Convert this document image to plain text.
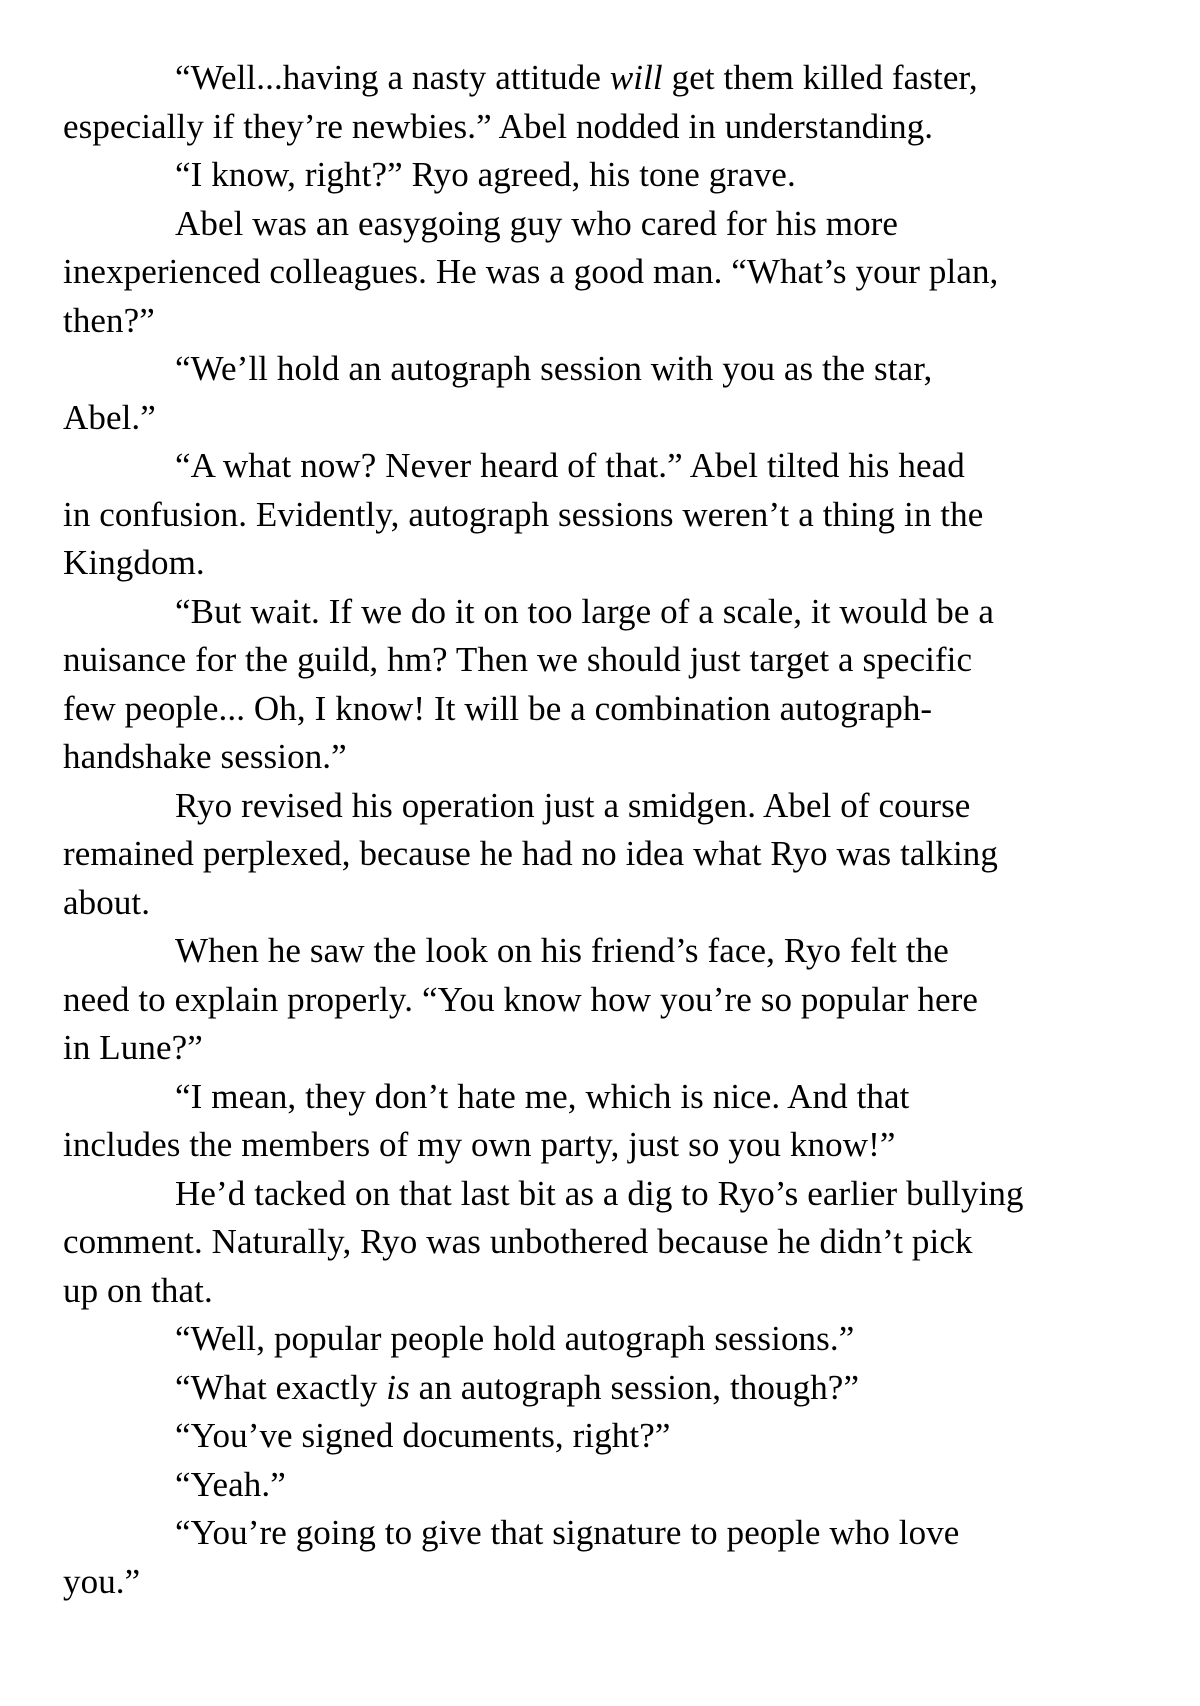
“Well...having a nasty attitude will get them killed faster,
especially if they’re newbies.” Abel nodded in understanding.

“I know, right?” Ryo agreed, his tone grave.

Abel was an easygoing guy who cared for his more
inexperienced colleagues. He was a good man. “What’s your plan,
then?”

“We’ll hold an autograph session with you as the star,
Abel.”

“A what now? Never heard of that.” Abel tilted his head
in confusion. Evidently, autograph sessions weren’t a thing in the
Kingdom.

“But wait. If we do it on too large of a scale, it would be a
nuisance for the guild, hm? Then we should just target a specific
few people... Oh, I know! It will be a combination autograph-
handshake session.”

Ryo revised his operation just a smidgen. Abel of course
remained perplexed, because he had no idea what Ryo was talking
about.

When he saw the look on his friend’s face, Ryo felt the
need to explain properly. “You know how you’re so popular here
in Lune?”

“I mean, they don’t hate me, which is nice. And that
includes the members of my own party, just so you know!”

He’d tacked on that last bit as a dig to Ryo’s earlier bullying
comment. Naturally, Ryo was unbothered because he didn’t pick
up on that.

“Well, popular people hold autograph sessions.”

“What exactly is an autograph session, though?”

“You’ve signed documents, right?”

“Yeah.”

“You’re going to give that signature to people who love
you.”
